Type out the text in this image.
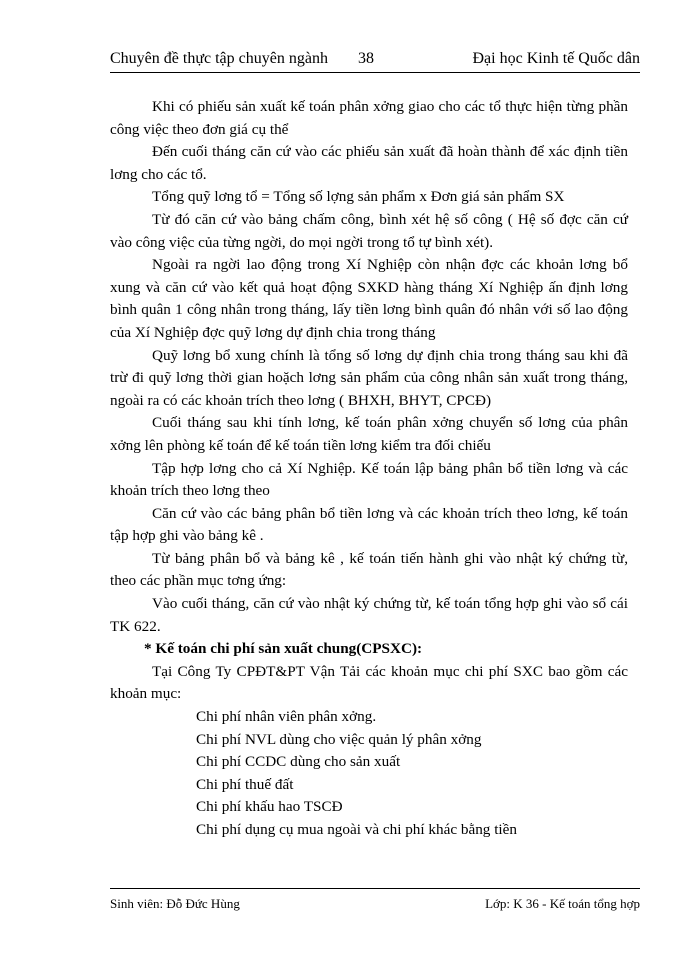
Chuyên đề thực tập chuyên ngành 38	Đại học Kinh tế Quốc dân

Khi có phiếu sản xuất kế toán phân xởng giao cho các tổ thực hiện từng phần công việc theo đơn giá cụ thể

Đến cuối tháng căn cứ vào các phiếu sản xuất đã hoàn thành để xác định tiền lơng cho các tổ.

Tổng quỹ lơng tổ = Tổng số lợng sản phẩm x Đơn giá sản phẩm SX

Từ đó căn cứ vào bảng chấm công, bình xét hệ số công ( Hệ số đợc căn cứ vào công việc của từng ngời, do mọi ngời trong tổ tự bình xét).

Ngoài ra ngời lao động trong Xí Nghiệp còn nhận đợc các khoản lơng bổ xung và căn cứ vào kết quả hoạt động SXKD hàng tháng Xí Nghiệp ấn định lơng bình quân 1 công nhân trong tháng, lấy tiền lơng bình quân đó nhân với số lao động của Xí Nghiệp đợc quỹ lơng dự định chia trong tháng

Quỹ lơng bổ xung chính là tổng số lơng dự định chia trong tháng sau khi đã trừ đi quỹ lơng thời gian hoặch lơng sản phẩm của công nhân sản xuất trong tháng, ngoài ra có các khoản trích theo lơng ( BHXH, BHYT, CPCĐ)

Cuối tháng sau khi tính lơng, kế toán phân xởng chuyển số lơng của phân xởng lên phòng kế toán để kế toán tiền lơng kiểm tra đối chiếu

Tập hợp lơng cho cả Xí Nghiệp. Kế toán lập bảng phân bổ tiền lơng và các khoản trích theo lơng theo

Căn cứ vào các bảng phân bổ tiền lơng và các khoản trích theo lơng, kế toán tập hợp ghi vào bảng kê .

Từ bảng phân bổ và bảng kê , kế toán tiến hành ghi vào nhật ký chứng từ, theo các phần mục tơng ứng:

Vào cuối tháng, căn cứ vào nhật ký chứng từ, kế toán tổng hợp ghi vào sổ cái TK 622.

* Kế toán chi phí sản xuất chung(CPSXC):

Tại Công Ty CPĐT&PT Vận Tải các khoản mục chi phí SXC bao gồm các khoản mục:

Chi phí nhân viên phân xởng.
Chi phí NVL dùng cho việc quản lý phân xởng
Chi phí CCDC dùng cho sản xuất
Chi phí thuế đất
Chi phí khấu hao TSCĐ
Chi phí dụng cụ mua ngoài và chi phí khác bằng tiền
Sinh viên: Đỗ Đức Hùng	Lớp: K 36 - Kế toán tổng hợp
